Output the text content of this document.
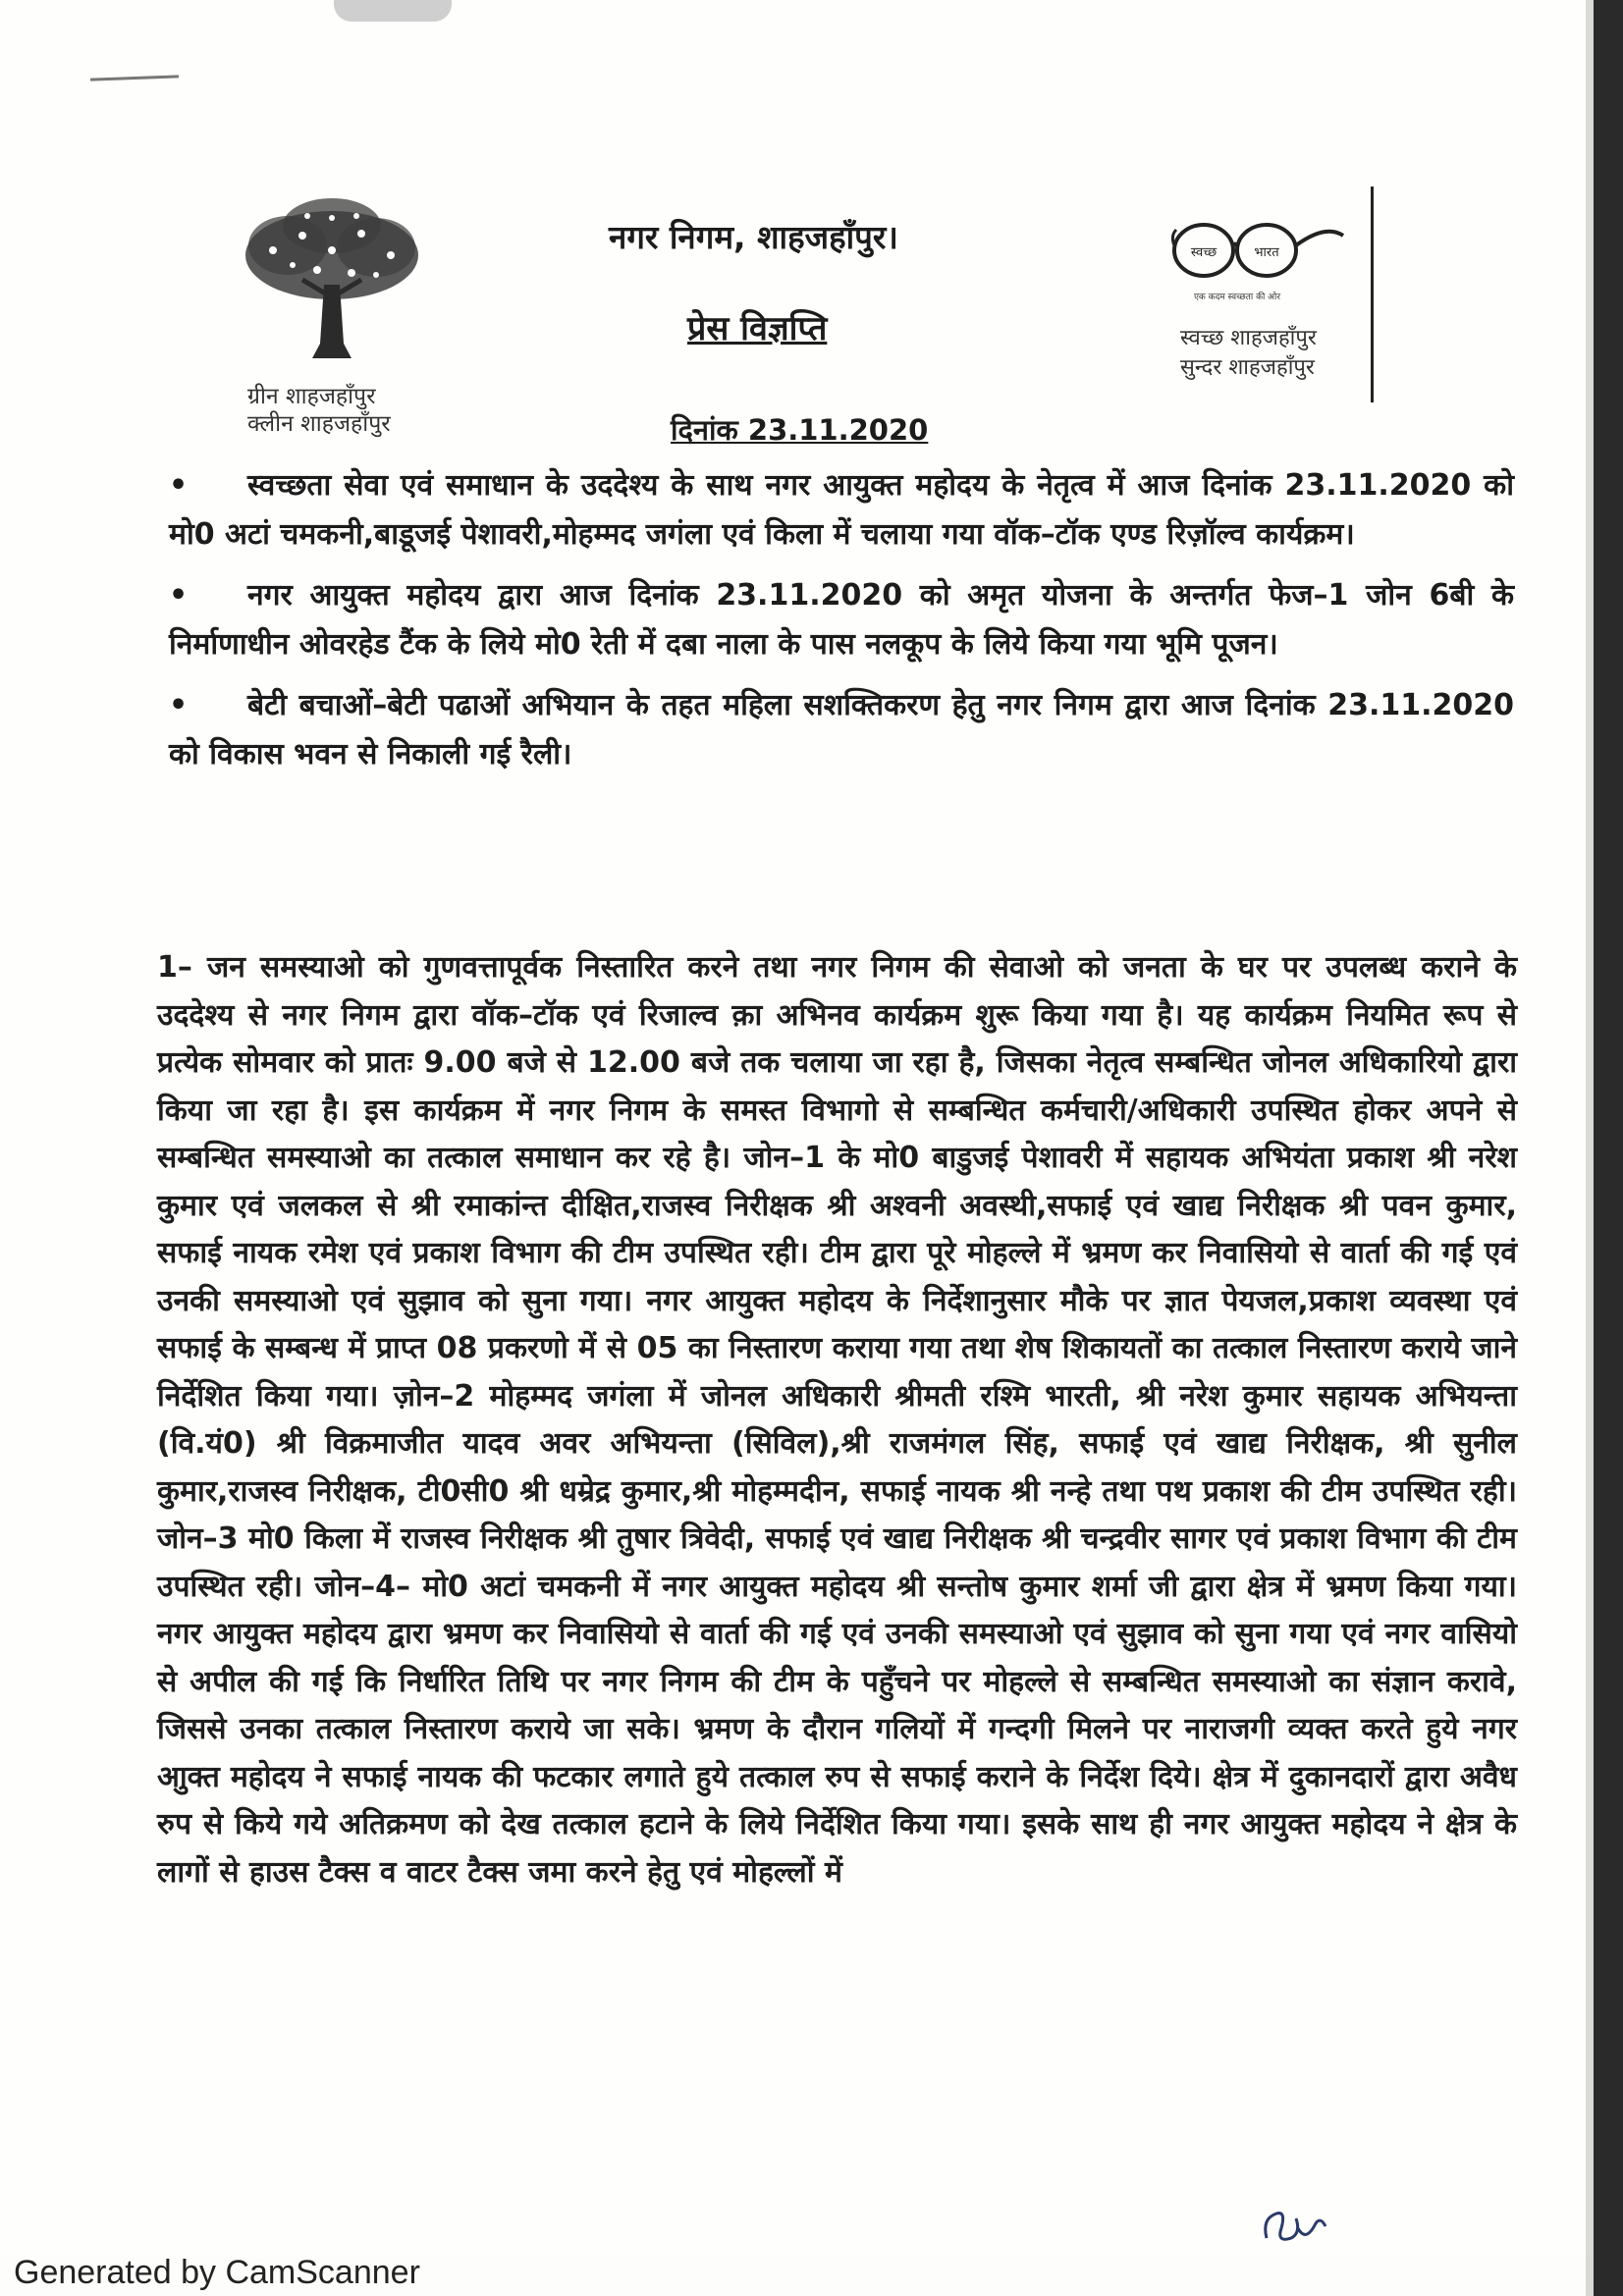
ग्रीन शाहजहाँपुर
क्लीन शाहजहाँपुर
नगर निगम, शाहजहाँपुर।
प्रेस विज्ञप्ति
स्वच्छ	भारत
एक कदम स्वच्छता की ओर
स्वच्छ शाहजहाँपुर
सुन्दर शाहजहाँपुर
दिनांक 23.11.2020
• स्वच्छता सेवा एवं समाधान के उददेश्य के साथ नगर आयुक्त महोदय के नेतृत्व में आज दिनांक 23.11.2020 को मो0 अटां चमकनी,बाडूजई पेशावरी,मोहम्मद जगंला एवं किला में चलाया गया वॉक–टॉक एण्ड रिज़ॉल्व कार्यक्रम।
• नगर आयुक्त महोदय द्वारा आज दिनांक 23.11.2020 को अमृत योजना के अन्तर्गत फेज–1 जोन 6बी के निर्माणाधीन ओवरहेड टैंक के लिये मो0 रेती में दबा नाला के पास नलकूप के लिये किया गया भूमि पूजन।
• बेटी बचाओं–बेटी पढाओं अभियान के तहत महिला सशक्तिकरण हेतु नगर निगम द्वारा आज दिनांक 23.11.2020 को विकास भवन से निकाली गई रैली।
1– जन समस्याओ को गुणवत्तापूर्वक निस्तारित करने तथा नगर निगम की सेवाओ को जनता के घर पर उपलब्ध कराने के उददेश्य से नगर निगम द्वारा वॉक–टॉक एवं रिजाल्व क़ा अभिनव कार्यक्रम शुरू किया गया है। यह कार्यक्रम नियमित रूप से प्रत्येक सोमवार को प्रातः 9.00 बजे से 12.00 बजे तक चलाया जा रहा है, जिसका नेतृत्व सम्बन्धित जोनल अधिकारियो द्वारा किया जा रहा है। इस कार्यक्रम में नगर निगम के समस्त विभागो से सम्बन्धित कर्मचारी/अधिकारी उपस्थित होकर अपने से सम्बन्धित समस्याओ का तत्काल समाधान कर रहे है। जोन–1 के मो0 बाडुजई पेशावरी में सहायक अभियंता प्रकाश श्री नरेश कुमार एवं जलकल से श्री रमाकांन्त दीक्षित,राजस्व निरीक्षक श्री अश्वनी अवस्थी,सफाई एवं खाद्य निरीक्षक श्री पवन कुमार, सफाई नायक रमेश एवं प्रकाश विभाग की टीम उपस्थित रही। टीम द्वारा पूरे मोहल्ले में भ्रमण कर निवासियो से वार्ता की गई एवं उनकी समस्याओ एवं सुझाव को सुना गया। नगर आयुक्त महोदय के निर्देशानुसार मौके पर ज्ञात पेयजल,प्रकाश व्यवस्था एवं सफाई के सम्बन्ध में प्राप्त 08 प्रकरणो में से 05 का निस्तारण कराया गया तथा शेष शिकायतों का तत्काल निस्तारण कराये जाने निर्देशित किया गया। ज़ोन–2 मोहम्मद जगंला में जोनल अधिकारी श्रीमती रश्मि भारती, श्री नरेश कुमार सहायक अभियन्ता (वि.यं0) श्री विक्रमाजीत यादव अवर अभियन्ता (सिविल),श्री राजमंगल सिंह, सफाई एवं खाद्य निरीक्षक, श्री सुनील कुमार,राजस्व निरीक्षक, टी0सी0 श्री धम्रेद्र कुमार,श्री मोहम्मदीन, सफाई नायक श्री नन्हे तथा पथ प्रकाश की टीम उपस्थित रही। जोन–3 मो0 किला में राजस्व निरीक्षक श्री तुषार त्रिवेदी, सफाई एवं खाद्य निरीक्षक श्री चन्द्रवीर सागर एवं प्रकाश विभाग की टीम उपस्थित रही। जोन–4– मो0 अटां चमकनी में नगर आयुक्त महोदय श्री सन्तोष कुमार शर्मा जी द्वारा क्षेत्र में भ्रमण किया गया।नगर आयुक्त महोदय द्वारा भ्रमण कर निवासियो से वार्ता की गई एवं उनकी समस्याओ एवं सुझाव को सुना गया एवं नगर वासियो से अपील की गई कि निर्धारित तिथि पर नगर निगम की टीम के पहुँचने पर मोहल्ले से सम्बन्धित समस्याओ का संज्ञान करावे, जिससे उनका तत्काल निस्तारण कराये जा सके। भ्रमण के दौरान गलियों में गन्दगी मिलने पर नाराजगी व्यक्त करते हुये नगर आुक्त महोदय ने सफाई नायक की फटकार लगाते हुये तत्काल रुप से सफाई कराने के निर्देश दिये। क्षेत्र में दुकानदारों द्वारा अवैध रुप से किये गये अतिक्रमण को देख तत्काल हटाने के लिये निर्देशित किया गया। इसके साथ ही नगर आयुक्त महोदय ने क्षेत्र के लागों से हाउस टैक्स व वाटर टैक्स जमा करने हेतु एवं मोहल्लों में
Generated by CamScanner
